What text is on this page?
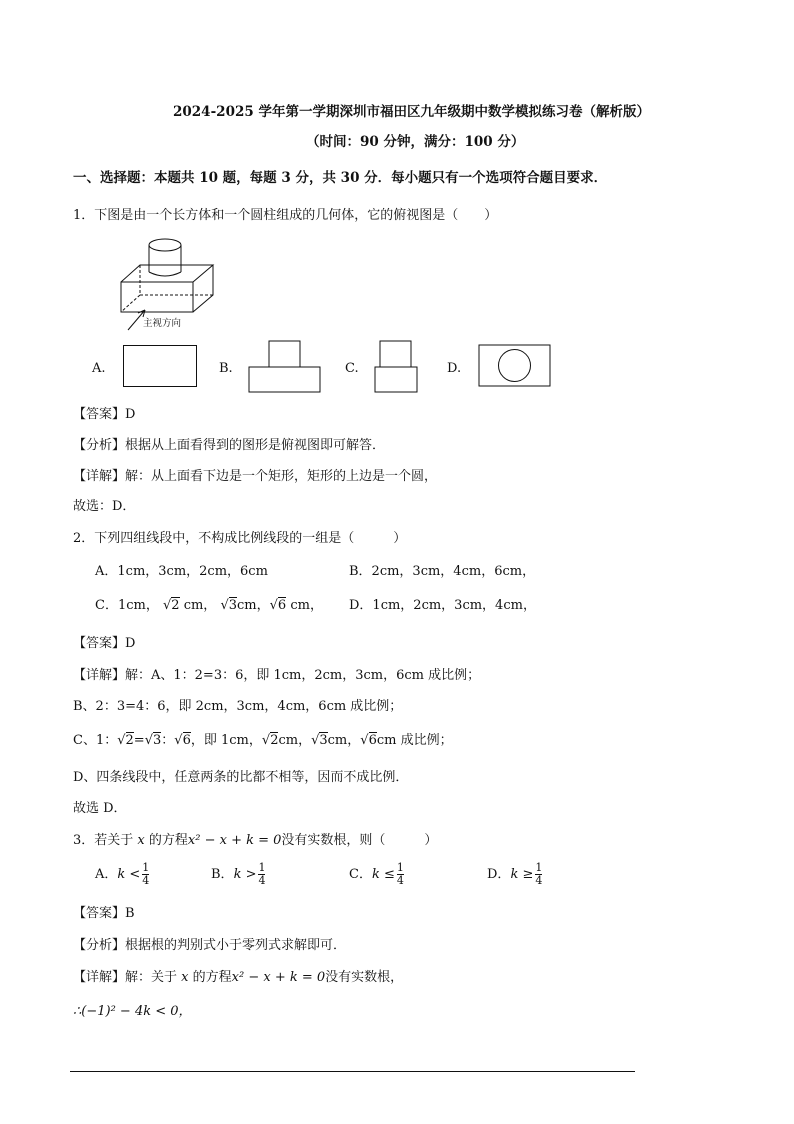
2024-2025 学年第一学期深圳市福田区九年级期中数学模拟练习卷（解析版）
（时间：90 分钟，满分：100 分）
一、选择题：本题共 10 题，每题 3 分，共 30 分．每小题只有一个选项符合题目要求．
1．下图是由一个长方体和一个圆柱组成的几何体，它的俯视图是（　　）
主视方向
A.	B.	C.	D.
【答案】D
【分析】根据从上面看得到的图形是俯视图即可解答．
【详解】解：从上面看下边是一个矩形，矩形的上边是一个圆，
故选：D．
2．下列四组线段中，不构成比例线段的一组是（　　　）
A．1cm，3cm，2cm，6cm	B．2cm，3cm，4cm，6cm，
C．1cm， √2 cm， √3cm，√6 cm， D．1cm，2cm，3cm，4cm，
【答案】D
【详解】解：A、1：2=3：6，即 1cm，2cm，3cm，6cm 成比例；
B、2：3=4：6，即 2cm，3cm，4cm，6cm 成比例；
C、1：√2=√3：√6，即 1cm，√2cm，√3cm，√6cm 成比例；
D、四条线段中，任意两条的比都不相等，因而不成比例．
故选 D．
3．若关于 x 的方程x² − x + k = 0没有实数根，则（　　　）
A． $k < \frac{1}{4}$	B． $k > \frac{1}{4}$	C． $k \le \frac{1}{4}$	D． $k \ge \frac{1}{4}$
【答案】B
【分析】根据根的判别式小于零列式求解即可．
【详解】解：关于 x 的方程x² − x + k = 0没有实数根，
∴(−1)² − 4k < 0，
